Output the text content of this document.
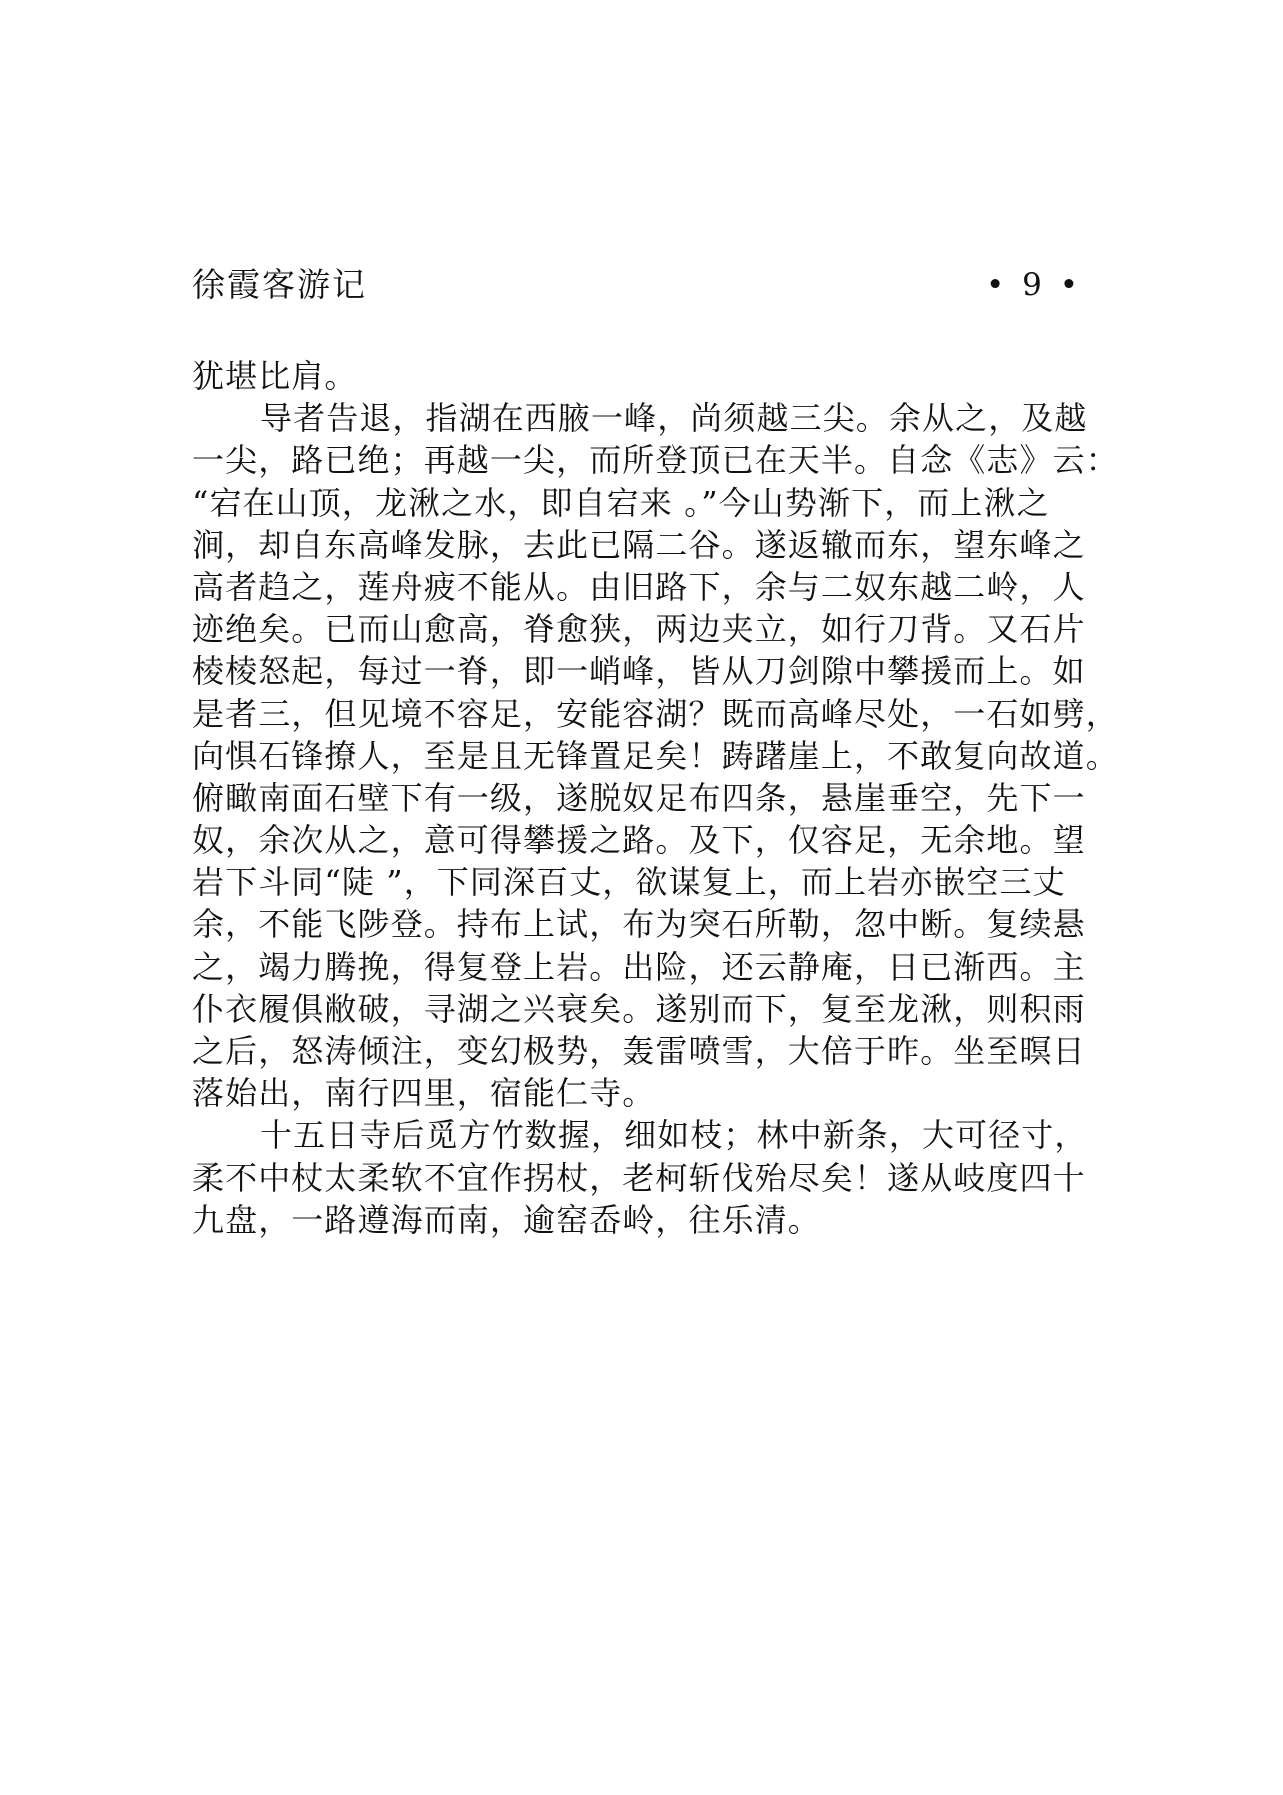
徐霞客游记	• 9 •
犹堪比肩。
导者告退，指湖在西腋一峰，尚须越三尖。余从之，及越
一尖，路已绝；再越一尖，而所登顶已在天半。自念《志》云：
“宕在山顶，龙湫之水，即自宕来 。”今山势渐下，而上湫之
涧，却自东高峰发脉，去此已隔二谷。遂返辙而东，望东峰之
高者趋之，莲舟疲不能从。由旧路下，余与二奴东越二岭，人
迹绝矣。已而山愈高，脊愈狭，两边夹立，如行刀背。又石片
棱棱怒起，每过一脊，即一峭峰，皆从刀剑隙中攀援而上。如
是者三，但见境不容足，安能容湖？既而高峰尽处，一石如劈，
向惧石锋撩人，至是且无锋置足矣！踌躇崖上，不敢复向故道。
俯瞰南面石壁下有一级，遂脱奴足布四条，悬崖垂空，先下一
奴，余次从之，意可得攀援之路。及下，仅容足，无余地。望
岩下斗同“陡 ”，下同深百丈，欲谋复上，而上岩亦嵌空三丈
余，不能飞陟登。持布上试，布为突石所勒，忽中断。复续悬
之，竭力腾挽，得复登上岩。出险，还云静庵，日已渐西。主
仆衣履俱敝破，寻湖之兴衰矣。遂别而下，复至龙湫，则积雨
之后，怒涛倾注，变幻极势，轰雷喷雪，大倍于昨。坐至暝日
落始出，南行四里，宿能仁寺。
十五日寺后觅方竹数握，细如枝；林中新条，大可径寸，
柔不中杖太柔软不宜作拐杖，老柯斩伐殆尽矣！遂从岐度四十
九盘，一路遵海而南，逾窑岙岭，往乐清。
